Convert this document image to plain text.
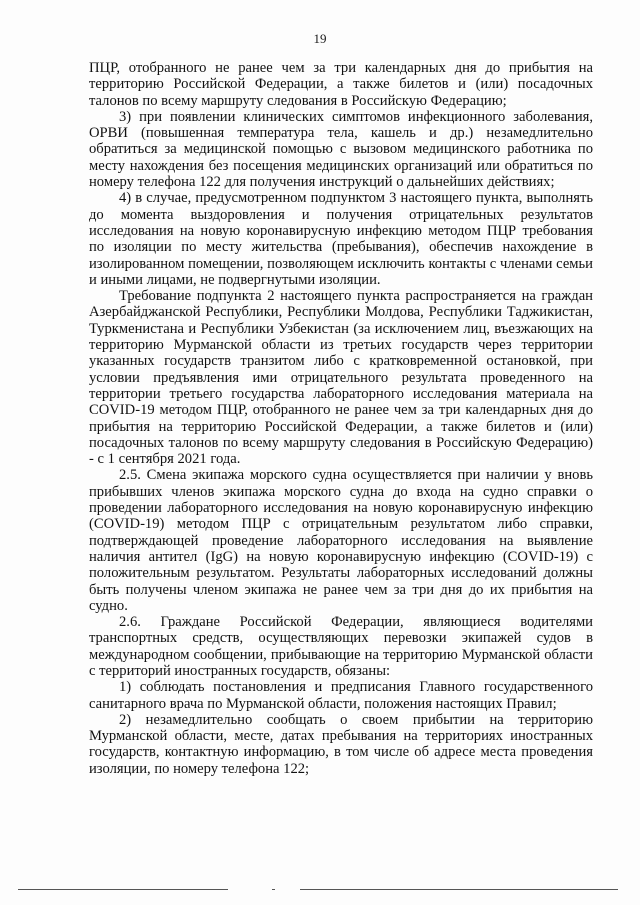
19

ПЦР, отобранного не ранее чем за три календарных дня до прибытия на территорию Российской Федерации, а также билетов и (или) посадочных талонов по всему маршруту следования в Российскую Федерацию;

3) при появлении клинических симптомов инфекционного заболевания, ОРВИ (повышенная температура тела, кашель и др.) незамедлительно обратиться за медицинской помощью с вызовом медицинского работника по месту нахождения без посещения медицинских организаций или обратиться по номеру телефона 122 для получения инструкций о дальнейших действиях;

4) в случае, предусмотренном подпунктом 3 настоящего пункта, выполнять до момента выздоровления и получения отрицательных результатов исследования на новую коронавирусную инфекцию методом ПЦР требования по изоляции по месту жительства (пребывания), обеспечив нахождение в изолированном помещении, позволяющем исключить контакты с членами семьи и иными лицами, не подвергнутыми изоляции.

Требование подпункта 2 настоящего пункта распространяется на граждан Азербайджанской Республики, Республики Молдова, Республики Таджикистан, Туркменистана и Республики Узбекистан (за исключением лиц, въезжающих на территорию Мурманской области из третьих государств через территории указанных государств транзитом либо с кратковременной остановкой, при условии предъявления ими отрицательного результата проведенного на территории третьего государства лабораторного исследования материала на COVID-19 методом ПЦР, отобранного не ранее чем за три календарных дня до прибытия на территорию Российской Федерации, а также билетов и (или) посадочных талонов по всему маршруту следования в Российскую Федерацию) - с 1 сентября 2021 года.

2.5. Смена экипажа морского судна осуществляется при наличии у вновь прибывших членов экипажа морского судна до входа на судно справки о проведении лабораторного исследования на новую коронавирусную инфекцию (COVID-19) методом ПЦР с отрицательным результатом либо справки, подтверждающей проведение лабораторного исследования на выявление наличия антител (IgG) на новую коронавирусную инфекцию (COVID-19) с положительным результатом. Результаты лабораторных исследований должны быть получены членом экипажа не ранее чем за три дня до их прибытия на судно.

2.6. Граждане Российской Федерации, являющиеся водителями транспортных средств, осуществляющих перевозки экипажей судов в международном сообщении, прибывающие на территорию Мурманской области с территорий иностранных государств, обязаны:

1) соблюдать постановления и предписания Главного государственного санитарного врача по Мурманской области, положения настоящих Правил;

2) незамедлительно сообщать о своем прибытии на территорию Мурманской области, месте, датах пребывания на территориях иностранных государств, контактную информацию, в том числе об адресе места проведения изоляции, по номеру телефона 122;
